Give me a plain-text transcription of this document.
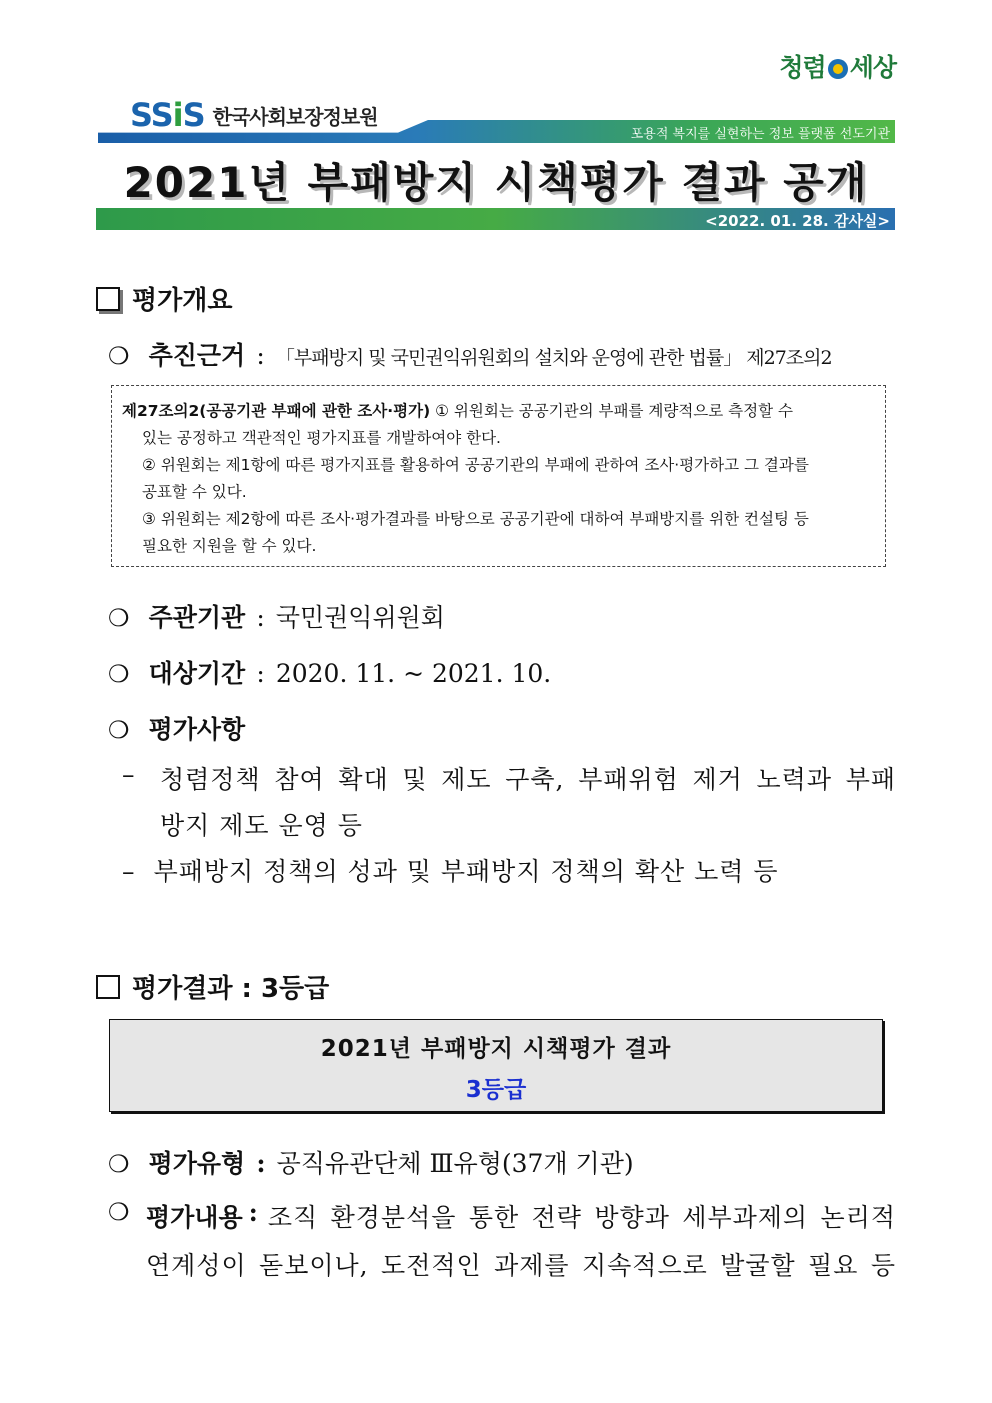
청렴 세상
SSiS 한국사회보장정보원
포용적 복지를 실현하는 정보 플랫폼 선도기관
2021년 부패방지 시책평가 결과 공개
<2022. 01. 28. 감사실>
평가개요
❍ 추진근거 : 「부패방지 및 국민권익위원회의 설치와 운영에 관한 법률」 제27조의2

제27조의2(공공기관 부패에 관한 조사·평가) ① 위원회는 공공기관의 부패를 계량적으로 측정할 수

있는 공정하고 객관적인 평가지표를 개발하여야 한다.

② 위원회는 제1항에 따른 평가지표를 활용하여 공공기관의 부패에 관하여 조사·평가하고 그 결과를

공표할 수 있다.

③ 위원회는 제2항에 따른 조사·평가결과를 바탕으로 공공기관에 대하여 부패방지를 위한 컨설팅 등

필요한 지원을 할 수 있다.

❍ 주관기관 : 국민권익위원회
❍ 대상기간 : 2020. 11. ~ 2021. 10.
❍ 평가사항
– 청렴정책 참여 확대 및 제도 구축, 부패위험 제거 노력과 부패
방지 제도 운영 등
– 부패방지 정책의 성과 및 부패방지 정책의 확산 노력 등
평가결과 : 3등급
2021년 부패방지 시책평가 결과
3등급
❍ 평가유형 : 공직유관단체 Ⅲ유형(37개 기관)
❍ 평가내용 : 조직 환경분석을 통한 전략 방향과 세부과제의 논리적
연계성이 돋보이나, 도전적인 과제를 지속적으로 발굴할 필요 등
